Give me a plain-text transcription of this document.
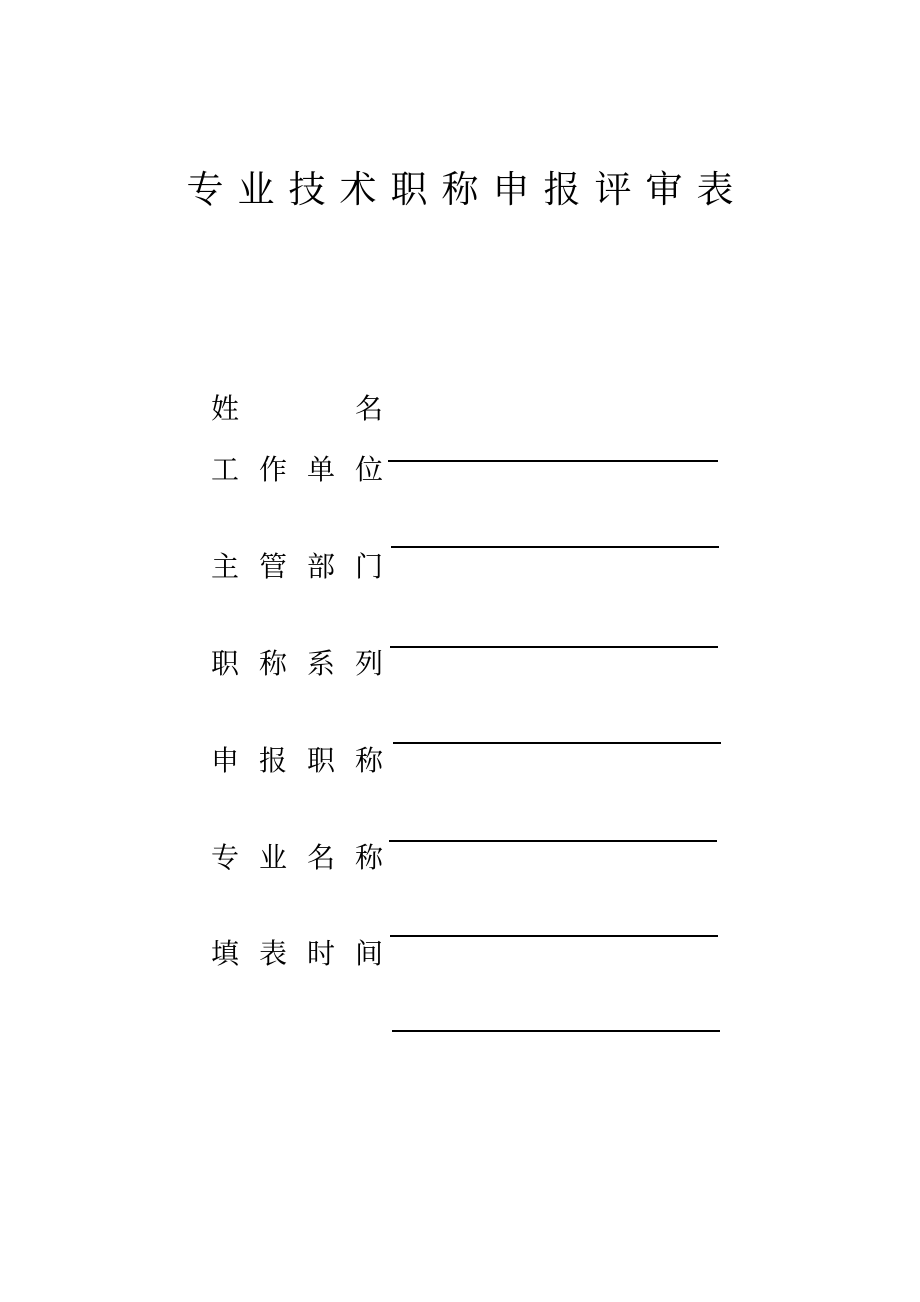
专业技术职称申报评审表
姓	名
工 作 单 位
主 管 部 门
职 称 系 列
申 报 职 称
专 业 名 称
填 表 时 间
